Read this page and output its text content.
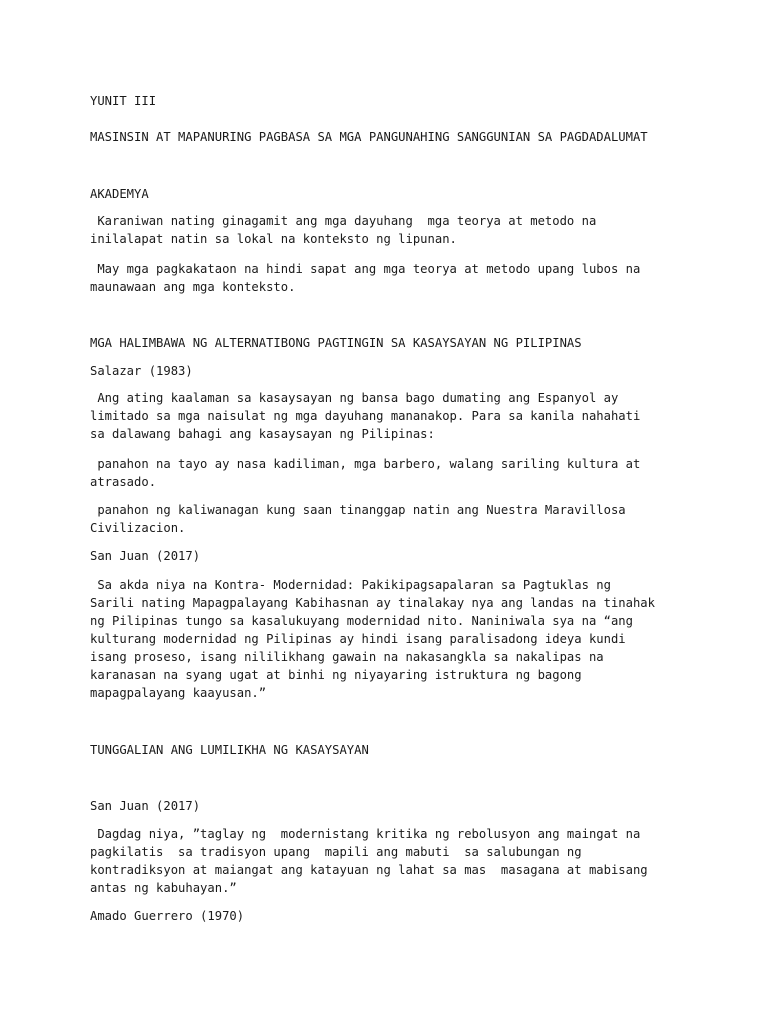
YUNIT III
MASINSIN AT MAPANURING PAGBASA SA MGA PANGUNAHING SANGGUNIAN SA PAGDADALUMAT
AKADEMYA
Karaniwan nating ginagamit ang mga dayuhang  mga teorya at metodo na
inilalapat natin sa lokal na konteksto ng lipunan.
May mga pagkakataon na hindi sapat ang mga teorya at metodo upang lubos na
maunawaan ang mga konteksto.
MGA HALIMBAWA NG ALTERNATIBONG PAGTINGIN SA KASAYSAYAN NG PILIPINAS
Salazar (1983)
Ang ating kaalaman sa kasaysayan ng bansa bago dumating ang Espanyol ay
limitado sa mga naisulat ng mga dayuhang mananakop. Para sa kanila nahahati
sa dalawang bahagi ang kasaysayan ng Pilipinas:
panahon na tayo ay nasa kadiliman, mga barbero, walang sariling kultura at
atrasado.
panahon ng kaliwanagan kung saan tinanggap natin ang Nuestra Maravillosa
Civilizacion.
San Juan (2017)
Sa akda niya na Kontra- Modernidad: Pakikipagsapalaran sa Pagtuklas ng
Sarili nating Mapagpalayang Kabihasnan ay tinalakay nya ang landas na tinahak
ng Pilipinas tungo sa kasalukuyang modernidad nito. Naniniwala sya na “ang
kulturang modernidad ng Pilipinas ay hindi isang paralisadong ideya kundi
isang proseso, isang nililikhang gawain na nakasangkla sa nakalipas na
karanasan na syang ugat at binhi ng niyayaring istruktura ng bagong
mapagpalayang kaayusan.”
TUNGGALIAN ANG LUMILIKHA NG KASAYSAYAN
San Juan (2017)
Dagdag niya, ”taglay ng  modernistang kritika ng rebolusyon ang maingat na
pagkilatis  sa tradisyon upang  mapili ang mabuti  sa salubungan ng
kontradiksyon at maiangat ang katayuan ng lahat sa mas  masagana at mabisang
antas ng kabuhayan.”
Amado Guerrero (1970)
